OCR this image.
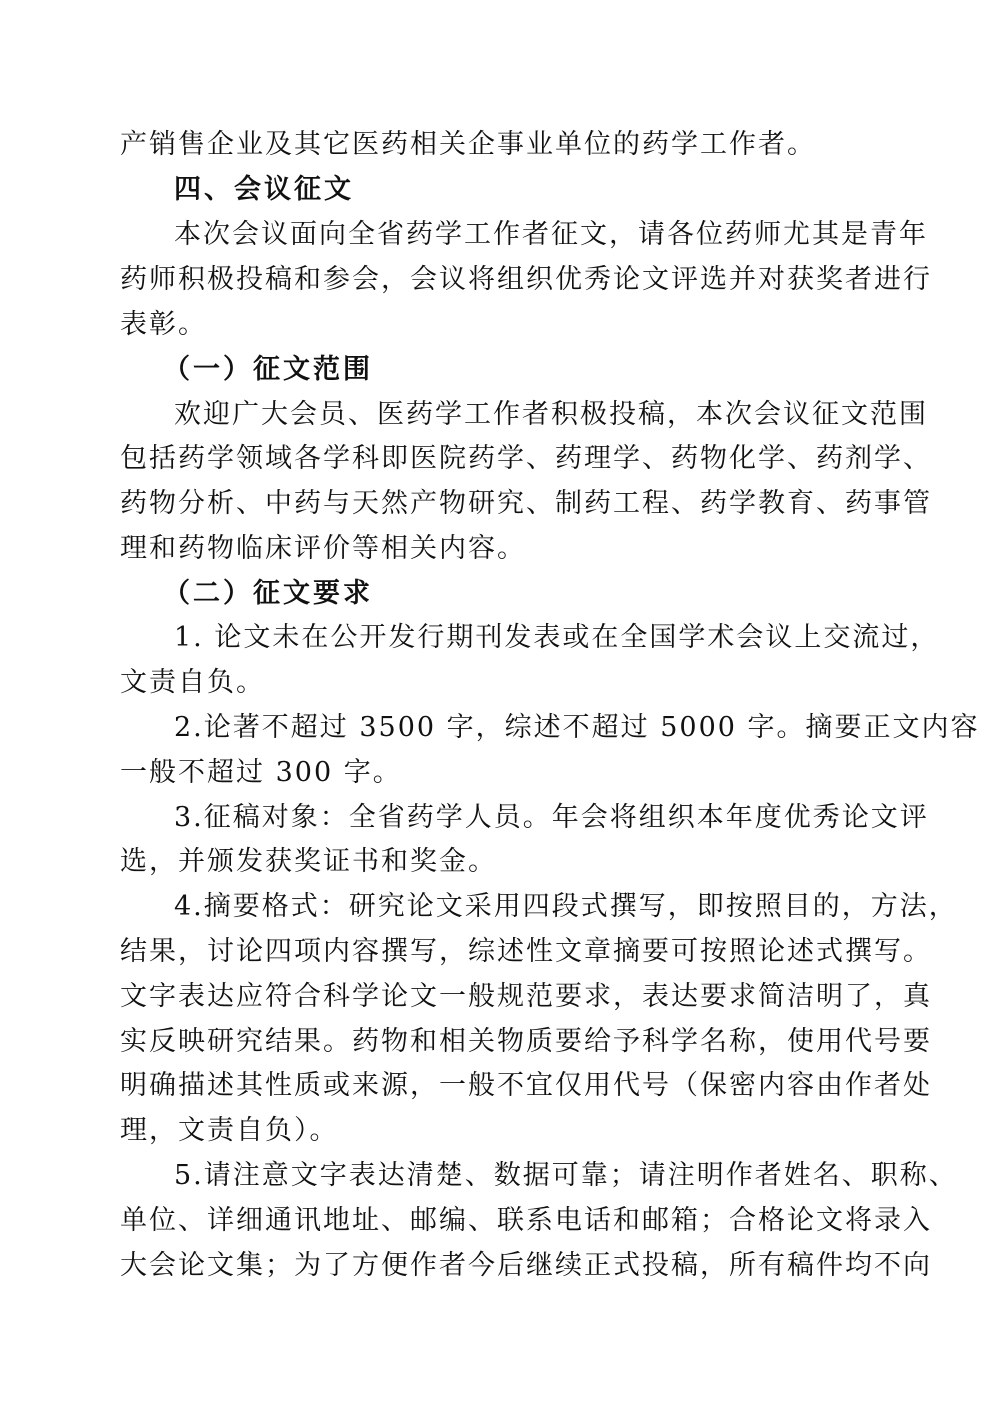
产销售企业及其它医药相关企事业单位的药学工作者。
四、会议征文
本次会议面向全省药学工作者征文，请各位药师尤其是青年
药师积极投稿和参会，会议将组织优秀论文评选并对获奖者进行
表彰。
（一）征文范围
欢迎广大会员、医药学工作者积极投稿，本次会议征文范围
包括药学领域各学科即医院药学、药理学、药物化学、药剂学、
药物分析、中药与天然产物研究、制药工程、药学教育、药事管
理和药物临床评价等相关内容。
（二）征文要求
1. 论文未在公开发行期刊发表或在全国学术会议上交流过，
文责自负。
2.论著不超过 3500 字，综述不超过 5000 字。摘要正文内容
一般不超过 300 字。
3.征稿对象：全省药学人员。年会将组织本年度优秀论文评
选，并颁发获奖证书和奖金。
4.摘要格式：研究论文采用四段式撰写，即按照目的，方法，
结果，讨论四项内容撰写，综述性文章摘要可按照论述式撰写。
文字表达应符合科学论文一般规范要求，表达要求简洁明了，真
实反映研究结果。药物和相关物质要给予科学名称，使用代号要
明确描述其性质或来源，一般不宜仅用代号（保密内容由作者处
理，文责自负）。
5.请注意文字表达清楚、数据可靠；请注明作者姓名、职称、
单位、详细通讯地址、邮编、联系电话和邮箱；合格论文将录入
大会论文集；为了方便作者今后继续正式投稿，所有稿件均不向
